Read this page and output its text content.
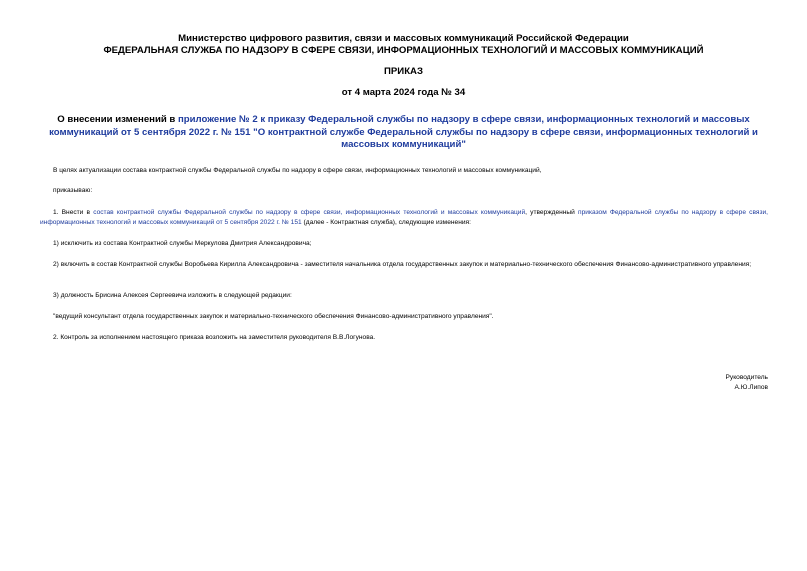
Министерство цифрового развития, связи и массовых коммуникаций Российской Федерации
ФЕДЕРАЛЬНАЯ СЛУЖБА ПО НАДЗОРУ В СФЕРЕ СВЯЗИ, ИНФОРМАЦИОННЫХ ТЕХНОЛОГИЙ И МАССОВЫХ КОММУНИКАЦИЙ
ПРИКАЗ
от 4 марта 2024 года № 34
О внесении изменений в приложение № 2 к приказу Федеральной службы по надзору в сфере связи, информационных технологий и массовых коммуникаций от 5 сентября 2022 г. № 151 "О контрактной службе Федеральной службы по надзору в сфере связи, информационных технологий и массовых коммуникаций"
В целях актуализации состава контрактной службы Федеральной службы по надзору в сфере связи, информационных технологий и массовых коммуникаций,
приказываю:
1. Внести в состав контрактной службы Федеральной службы по надзору в сфере связи, информационных технологий и массовых коммуникаций, утвержденный приказом Федеральной службы по надзору в сфере связи, информационных технологий и массовых коммуникаций от 5 сентября 2022 г. № 151 (далее - Контрактная служба), следующие изменения:
1) исключить из состава Контрактной службы Меркулова Дмитрия Александровича;
2) включить в состав Контрактной службы Воробьева Кирилла Александровича - заместителя начальника отдела государственных закупок и материально-технического обеспечения Финансово-административного управления;
3) должность Брисина Алексея Сергеевича изложить в следующей редакции:
"ведущий консультант отдела государственных закупок и материально-технического обеспечения Финансово-административного управления".
2. Контроль за исполнением настоящего приказа возложить на заместителя руководителя В.В.Логунова.
Руководитель
А.Ю.Липов
